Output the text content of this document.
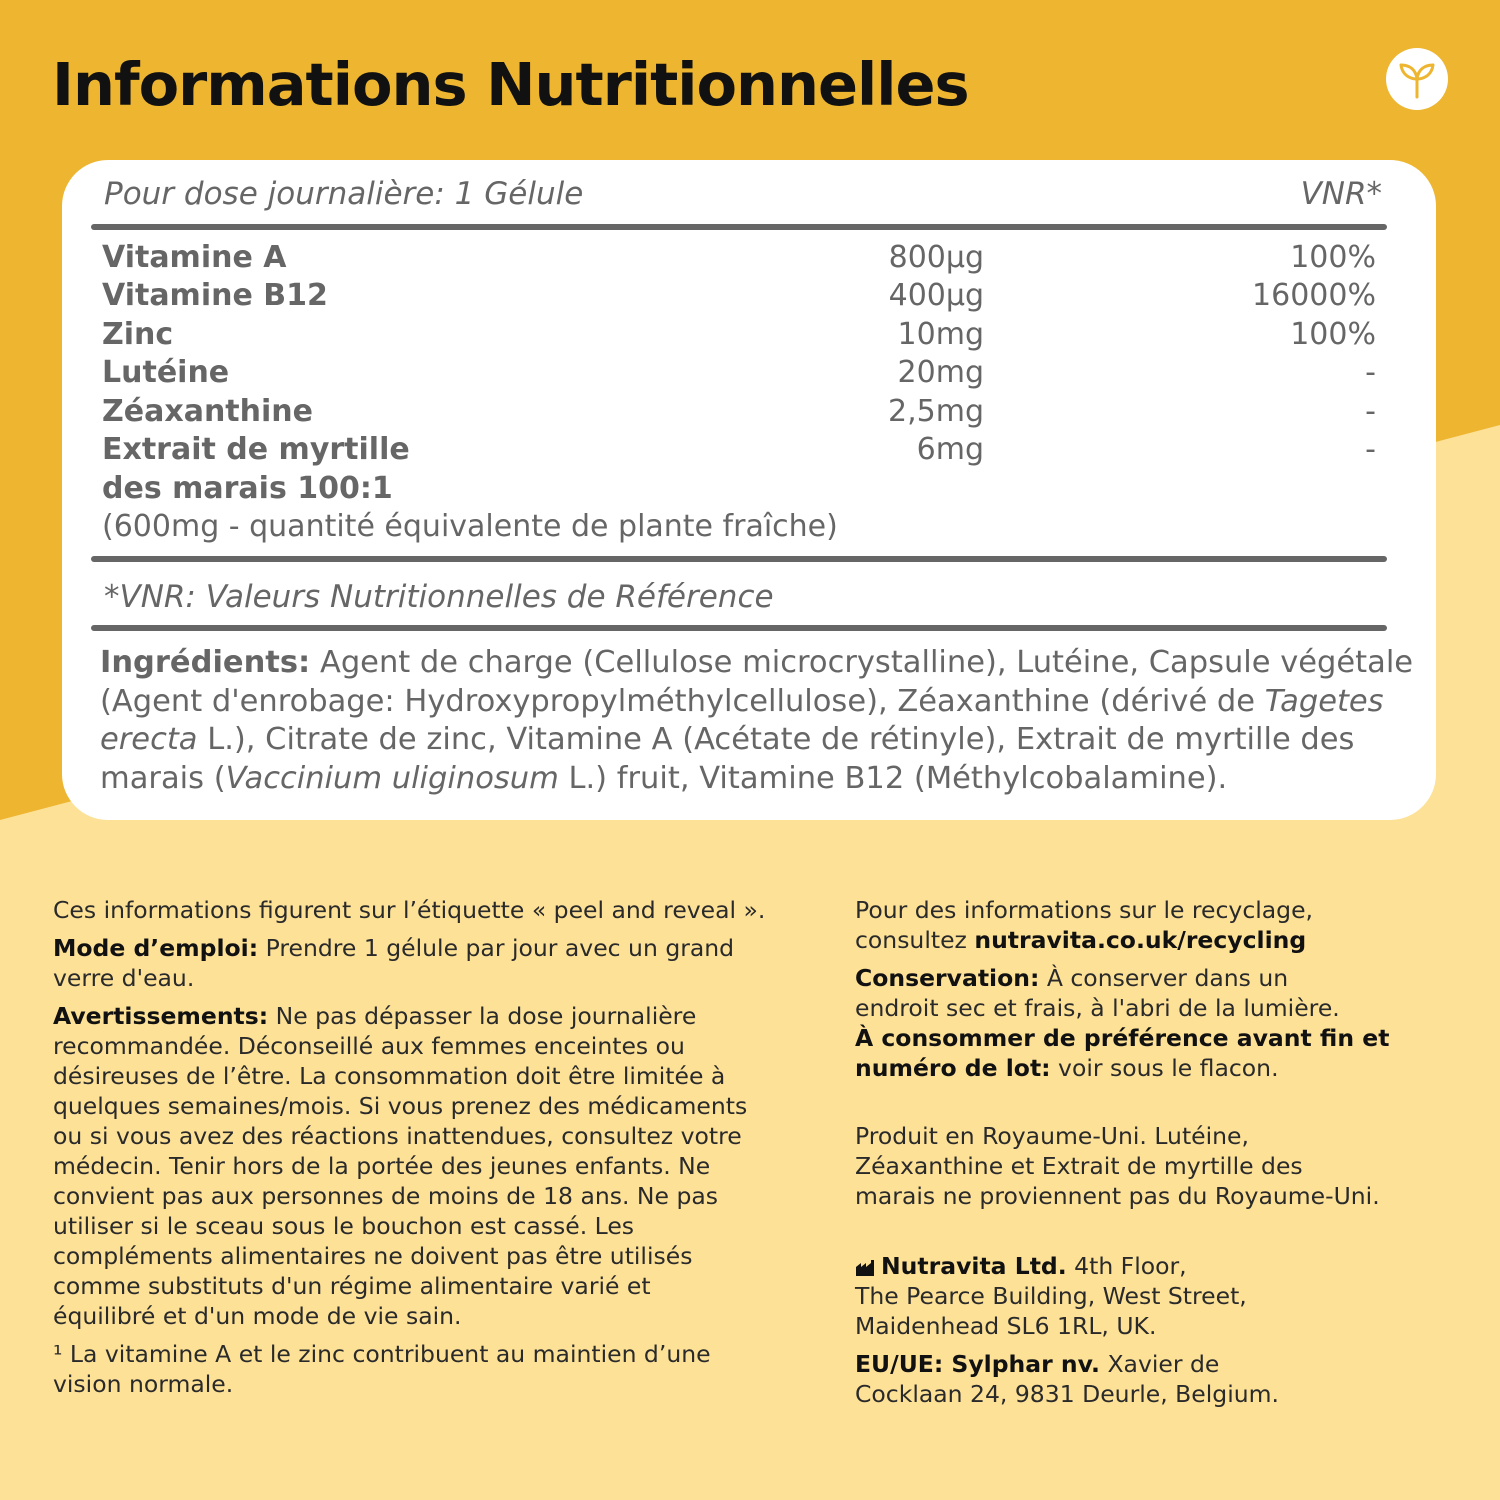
Informations Nutritionnelles
Pour dose journalière: 1 Gélule	VNR*
Vitamine A	800µg	100%
Vitamine B12	400µg	16000%
Zinc	10mg	100%
Lutéine	20mg	-
Zéaxanthine	2,5mg	-
Extrait de myrtille	6mg	-
des marais 100:1
(600mg - quantité équivalente de plante fraîche)
*VNR: Valeurs Nutritionnelles de Référence

Ingrédients: Agent de charge (Cellulose microcrystalline), Lutéine, Capsule végétale

(Agent d'enrobage: Hydroxypropylméthylcellulose), Zéaxanthine (dérivé de Tagetes

erecta L.), Citrate de zinc, Vitamine A (Acétate de rétinyle), Extrait de myrtille des

marais (Vaccinium uliginosum L.) fruit, Vitamine B12 (Méthylcobalamine).

Ces informations figurent sur l’étiquette « peel and reveal ».

Mode d’emploi: Prendre 1 gélule par jour avec un grand

verre d'eau.

Avertissements: Ne pas dépasser la dose journalière

recommandée. Déconseillé aux femmes enceintes ou

désireuses de l’être. La consommation doit être limitée à

quelques semaines/mois. Si vous prenez des médicaments

ou si vous avez des réactions inattendues, consultez votre

médecin. Tenir hors de la portée des jeunes enfants. Ne

convient pas aux personnes de moins de 18 ans. Ne pas

utiliser si le sceau sous le bouchon est cassé. Les

compléments alimentaires ne doivent pas être utilisés

comme substituts d'un régime alimentaire varié et

équilibré et d'un mode de vie sain.

¹ La vitamine A et le zinc contribuent au maintien d’une

vision normale.

Pour des informations sur le recyclage,

consultez nutravita.co.uk/recycling

Conservation: À conserver dans un

endroit sec et frais, à l'abri de la lumière.

À consommer de préférence avant fin et

numéro de lot: voir sous le flacon.

Produit en Royaume-Uni. Lutéine,

Zéaxanthine et Extrait de myrtille des

marais ne proviennent pas du Royaume-Uni.

Nutravita Ltd. 4th Floor,

The Pearce Building, West Street,

Maidenhead SL6 1RL, UK.

EU/UE: Sylphar nv. Xavier de

Cocklaan 24, 9831 Deurle, Belgium.
